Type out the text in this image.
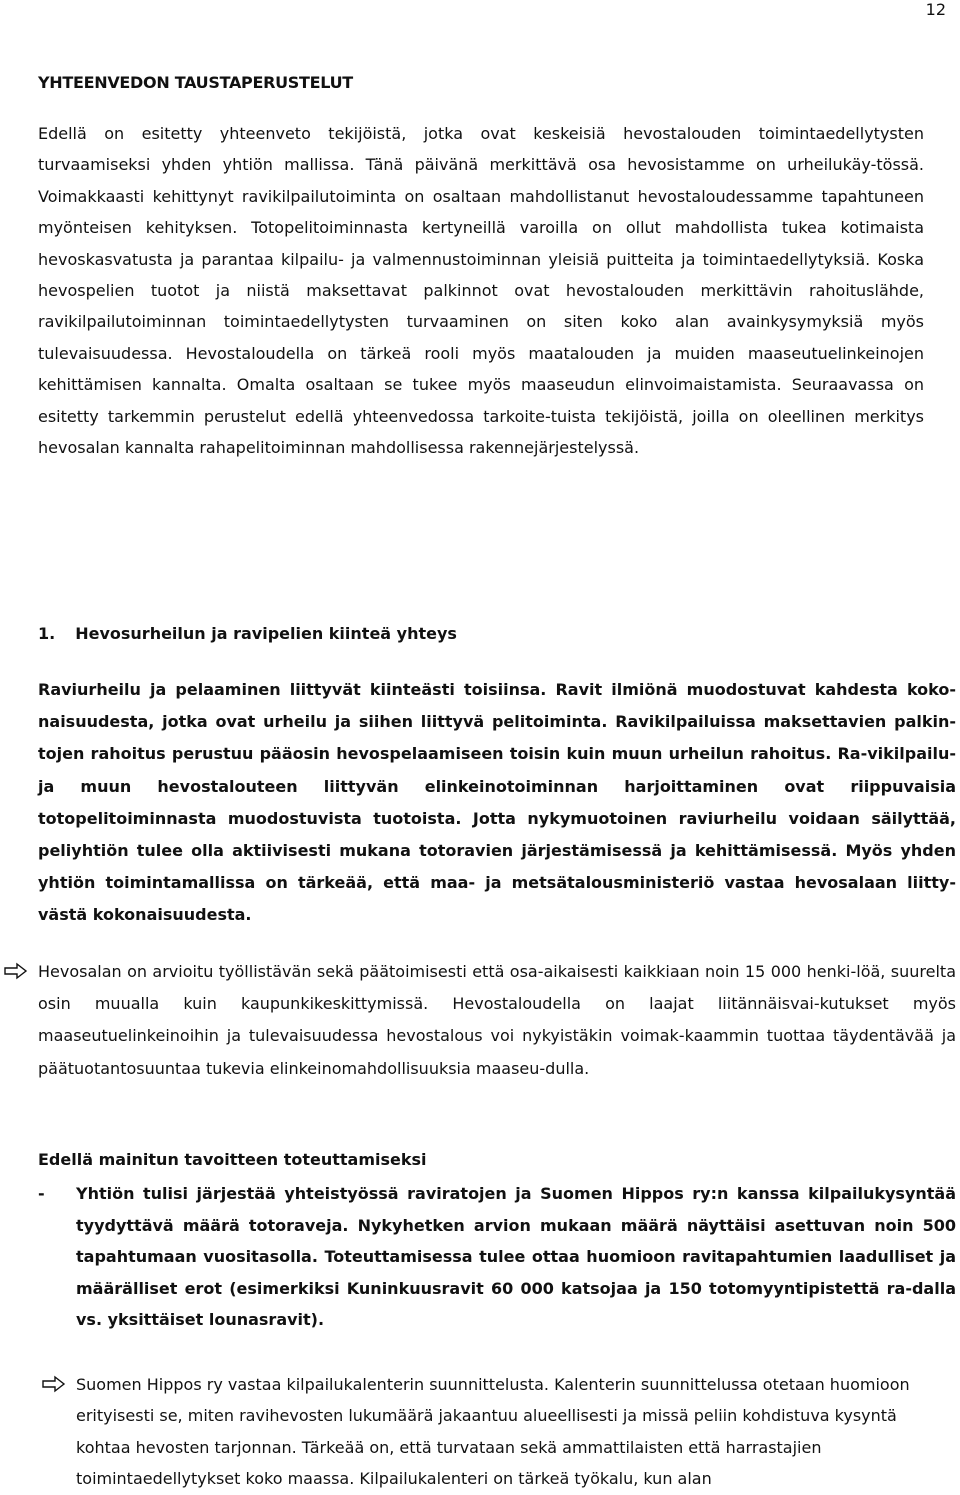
12
YHTEENVEDON TAUSTAPERUSTELUT

Edellä on esitetty yhteenveto tekijöistä, jotka ovat keskeisiä hevostalouden toimintaedellytysten turvaamiseksi yhden yhtiön mallissa. Tänä päivänä merkittävä osa hevosistamme on urheilukäy-tössä. Voimakkaasti kehittynyt ravikilpailutoiminta on osaltaan mahdollistanut hevostaloudessamme tapahtuneen myönteisen kehityksen. Totopelitoiminnasta kertyneillä varoilla on ollut mahdollista tukea kotimaista hevoskasvatusta ja parantaa kilpailu- ja valmennustoiminnan yleisiä puitteita ja toimintaedellytyksiä. Koska hevospelien tuotot ja niistä maksettavat palkinnot ovat hevostalouden merkittävin rahoituslähde, ravikilpailutoiminnan toimintaedellytysten turvaaminen on siten koko alan avainkysymyksiä myös tulevaisuudessa. Hevostaloudella on tärkeä rooli myös maatalouden ja muiden maaseutuelinkeinojen kehittämisen kannalta. Omalta osaltaan se tukee myös maaseudun elinvoimaistamista. Seuraavassa on esitetty tarkemmin perustelut edellä yhteenvedossa tarkoite-tuista tekijöistä, joilla on oleellinen merkitys hevosalan kannalta rahapelitoiminnan mahdollisessa rakennejärjestelyssä.

1. Hevosurheilun ja ravipelien kiinteä yhteys

Raviurheilu ja pelaaminen liittyvät kiinteästi toisiinsa. Ravit ilmiönä muodostuvat kahdesta koko-naisuudesta, jotka ovat urheilu ja siihen liittyvä pelitoiminta. Ravikilpailuissa maksettavien palkin-tojen rahoitus perustuu pääosin hevospelaamiseen toisin kuin muun urheilun rahoitus. Ra-vikilpailu- ja muun hevostalouteen liittyvän elinkeinotoiminnan harjoittaminen ovat riippuvaisia totopelitoiminnasta muodostuvista tuotoista. Jotta nykymuotoinen raviurheilu voidaan säilyttää, peliyhtiön tulee olla aktiivisesti mukana totoravien järjestämisessä ja kehittämisessä. Myös yhden yhtiön toimintamallissa on tärkeää, että maa- ja metsätalousministeriö vastaa hevosalaan liitty-västä kokonaisuudesta.

Hevosalan on arvioitu työllistävän sekä päätoimisesti että osa-aikaisesti kaikkiaan noin 15 000 henki-löä, suurelta osin muualla kuin kaupunkikeskittymissä. Hevostaloudella on laajat liitännäisvai-kutukset myös maaseutuelinkeinoihin ja tulevaisuudessa hevostalous voi nykyistäkin voimak-kaammin tuottaa täydentävää ja päätuotantosuuntaa tukevia elinkeinomahdollisuuksia maaseu-dulla.
Edellä mainitun tavoitteen toteuttamiseksi
- Yhtiön tulisi järjestää yhteistyössä raviratojen ja Suomen Hippos ry:n kanssa kilpailukysyntää tyydyttävä määrä totoraveja. Nykyhetken arvion mukaan määrä näyttäisi asettuvan noin 500 tapahtumaan vuositasolla. Toteuttamisessa tulee ottaa huomioon ravitapahtumien laadulliset ja määrälliset erot (esimerkiksi Kuninkuusravit 60 000 katsojaa ja 150 totomyyntipistettä ra-dalla vs. yksittäiset lounasravit).
Suomen Hippos ry vastaa kilpailukalenterin suunnittelusta. Kalenterin suunnittelussa otetaan huomioon erityisesti se, miten ravihevosten lukumäärä jakaantuu alueellisesti ja missä peliin kohdistuva kysyntä kohtaa hevosten tarjonnan. Tärkeää on, että turvataan sekä ammattilaisten että harrastajien toimintaedellytykset koko maassa. Kilpailukalenteri on tärkeä työkalu, kun alan
